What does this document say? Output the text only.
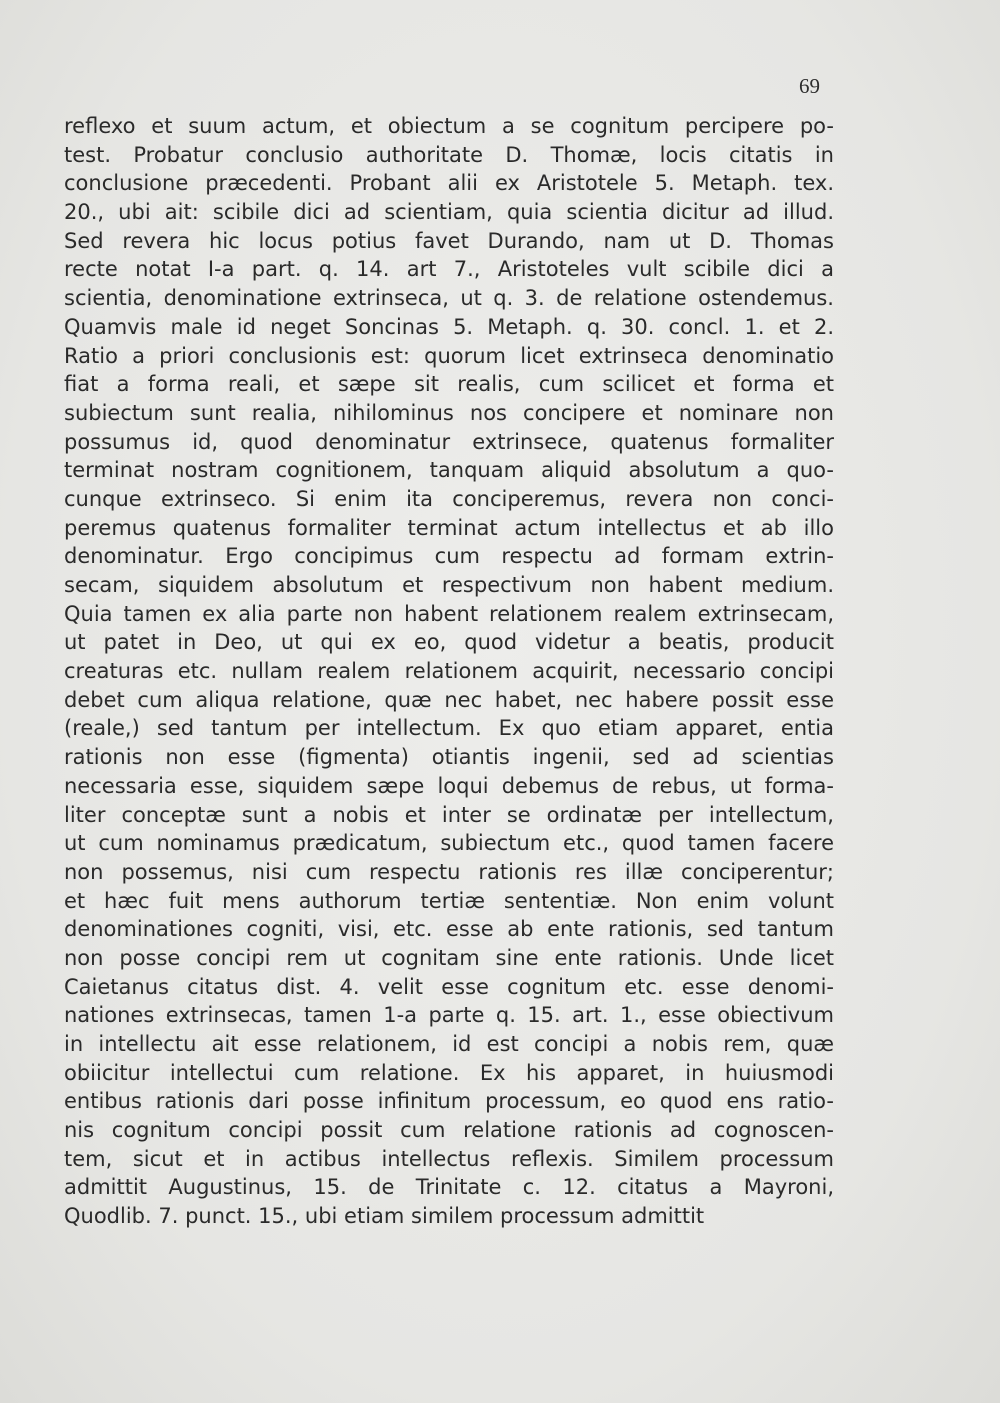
69
reflexo et suum actum, et obiectum a se cognitum percipere po-
test. Probatur conclusio authoritate D. Thomæ, locis citatis in
conclusione præcedenti. Probant alii ex Aristotele 5. Metaph. tex.
20., ubi ait: scibile dici ad scientiam, quia scientia dicitur ad illud.
Sed revera hic locus potius favet Durando, nam ut D. Thomas
recte notat I-a part. q. 14. art 7., Aristoteles vult scibile dici a
scientia, denominatione extrinseca, ut q. 3. de relatione ostendemus.
Quamvis male id neget Soncinas 5. Metaph. q. 30. concl. 1. et 2.
Ratio a priori conclusionis est: quorum licet extrinseca denominatio
fiat a forma reali, et sæpe sit realis, cum scilicet et forma et
subiectum sunt realia, nihilominus nos concipere et nominare non
possumus id, quod denominatur extrinsece, quatenus formaliter
terminat nostram cognitionem, tanquam aliquid absolutum a quo-
cunque extrinseco. Si enim ita conciperemus, revera non conci-
peremus quatenus formaliter terminat actum intellectus et ab illo
denominatur. Ergo concipimus cum respectu ad formam extrin-
secam, siquidem absolutum et respectivum non habent medium.
Quia tamen ex alia parte non habent relationem realem extrinsecam,
ut patet in Deo, ut qui ex eo, quod videtur a beatis, producit
creaturas etc. nullam realem relationem acquirit, necessario concipi
debet cum aliqua relatione, quæ nec habet, nec habere possit esse
(reale,) sed tantum per intellectum. Ex quo etiam apparet, entia
rationis non esse (figmenta) otiantis ingenii, sed ad scientias
necessaria esse, siquidem sæpe loqui debemus de rebus, ut forma-
liter conceptæ sunt a nobis et inter se ordinatæ per intellectum,
ut cum nominamus prædicatum, subiectum etc., quod tamen facere
non possemus, nisi cum respectu rationis res illæ conciperentur;
et hæc fuit mens authorum tertiæ sententiæ. Non enim volunt
denominationes cogniti, visi, etc. esse ab ente rationis, sed tantum
non posse concipi rem ut cognitam sine ente rationis. Unde licet
Caietanus citatus dist. 4. velit esse cognitum etc. esse denomi-
nationes extrinsecas, tamen 1-a parte q. 15. art. 1., esse obiectivum
in intellectu ait esse relationem, id est concipi a nobis rem, quæ
obiicitur intellectui cum relatione. Ex his apparet, in huiusmodi
entibus rationis dari posse infinitum processum, eo quod ens ratio-
nis cognitum concipi possit cum relatione rationis ad cognoscen-
tem, sicut et in actibus intellectus reflexis. Similem processum
admittit Augustinus, 15. de Trinitate c. 12. citatus a Mayroni,
Quodlib. 7. punct. 15., ubi etiam similem processum admittit
